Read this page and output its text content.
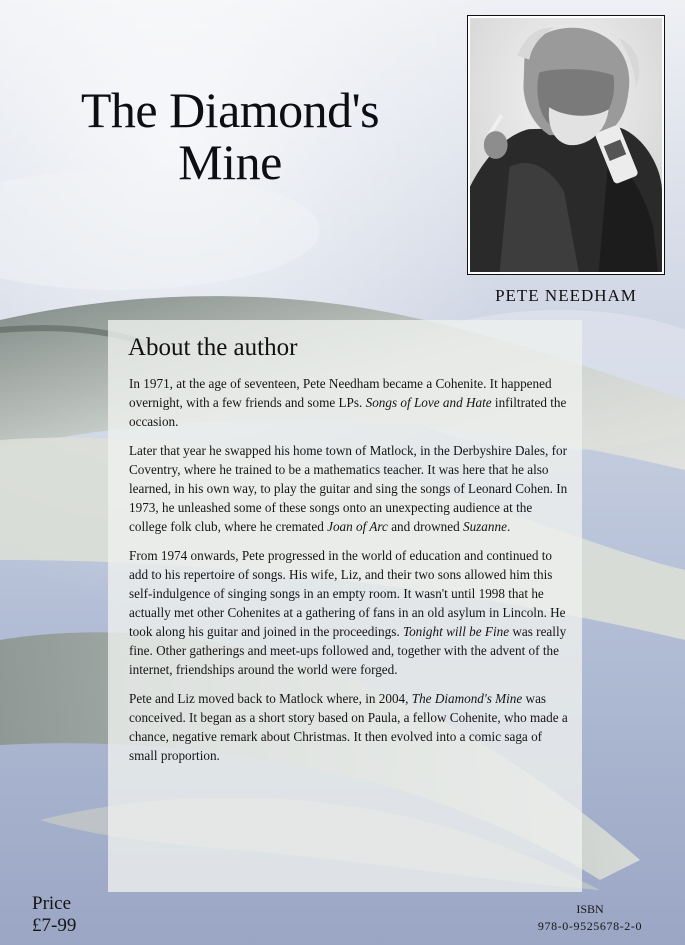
The Diamond's
Mine
PETE NEEDHAM
About the author

In 1971, at the age of seventeen, Pete Needham became a Cohenite. It happened overnight, with a few friends and some LPs. Songs of Love and Hate infiltrated the occasion.

Later that year he swapped his home town of Matlock, in the Derbyshire Dales, for Coventry, where he trained to be a mathematics teacher. It was here that he also learned, in his own way, to play the guitar and sing the songs of Leonard Cohen. In 1973, he unleashed some of these songs onto an unexpecting audience at the college folk club, where he cremated Joan of Arc and drowned Suzanne.

From 1974 onwards, Pete progressed in the world of education and continued to add to his repertoire of songs. His wife, Liz, and their two sons allowed him this self-indulgence of singing songs in an empty room. It wasn't until 1998 that he actually met other Cohenites at a gathering of fans in an old asylum in Lincoln. He took along his guitar and joined in the proceedings. Tonight will be Fine was really fine. Other gatherings and meet-ups followed and, together with the advent of the internet, friendships around the world were forged.

Pete and Liz moved back to Matlock where, in 2004, The Diamond's Mine was conceived. It began as a short story based on Paula, a fellow Cohenite, who made a chance, negative remark about Christmas. It then evolved into a comic saga of small proportion.

Price
£7-99
ISBN
978-0-9525678-2-0
